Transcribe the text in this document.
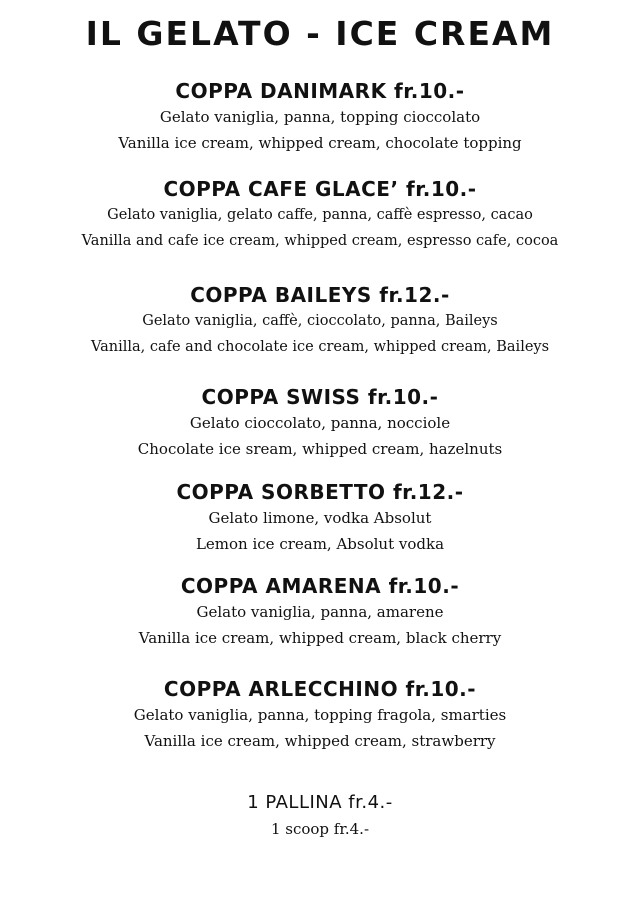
IL GELATO - ICE CREAM
COPPA DANIMARK fr.10.-
Gelato vaniglia, panna, topping cioccolato
Vanilla ice cream, whipped cream, chocolate topping
COPPA CAFE GLACE’ fr.10.-
Gelato vaniglia, gelato caffe, panna, caffè espresso, cacao
Vanilla and cafe ice cream, whipped cream, espresso cafe, cocoa
COPPA BAILEYS fr.12.-
Gelato vaniglia, caffè, cioccolato, panna, Baileys
Vanilla, cafe and chocolate ice cream, whipped cream, Baileys
COPPA SWISS fr.10.-
Gelato cioccolato, panna, nocciole
Chocolate ice sream, whipped cream, hazelnuts
COPPA SORBETTO fr.12.-
Gelato limone, vodka Absolut
Lemon ice cream, Absolut vodka
COPPA AMARENA fr.10.-
Gelato vaniglia, panna, amarene
Vanilla ice cream, whipped cream, black cherry
COPPA ARLECCHINO fr.10.-
Gelato vaniglia, panna, topping fragola, smarties
Vanilla ice cream, whipped cream, strawberry
1 PALLINA fr.4.-
1 scoop fr.4.-
